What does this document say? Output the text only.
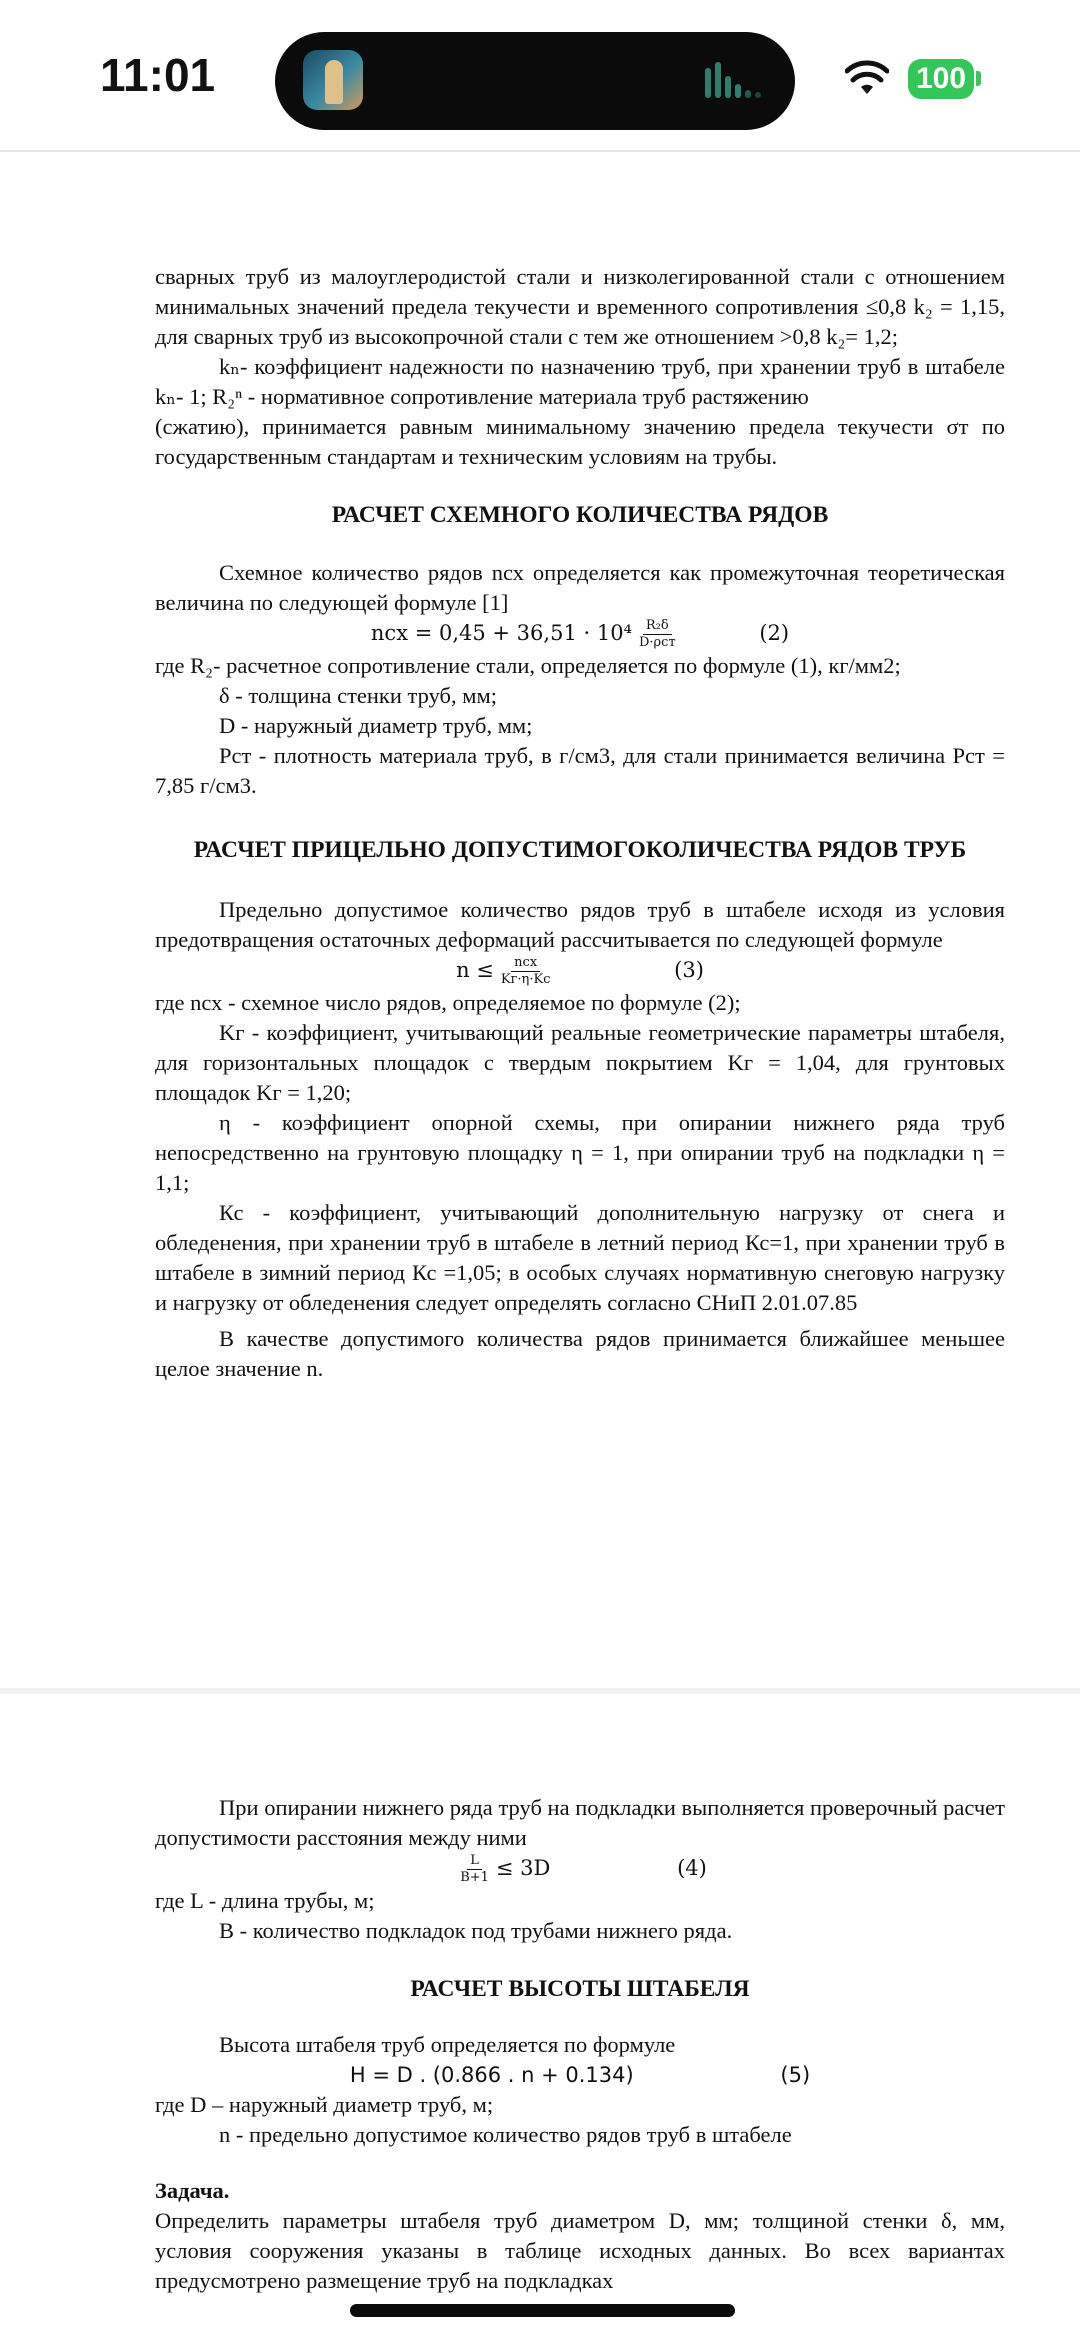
11:01	100

сварных труб из малоуглеродистой стали и низколегированной стали с отношением минимальных значений предела текучести и временного сопротивления ≤0,8 k₂ = 1,15, для сварных труб из высокопрочной стали с тем же отношением >0,8 k₂= 1,2;

kₙ- коэффициент надежности по назначению труб, при хранении труб в штабеле kₙ- 1; R₂ⁿ - нормативное сопротивление материала труб растяжению

(сжатию), принимается равным минимальному значению предела текучести σт по государственным стандартам и техническим условиям на трубы.

РАСЧЕТ СХЕМНОГО КОЛИЧЕСТВА РЯДОВ

Схемное количество рядов nсх определяется как промежуточная теоретическая величина по следующей формуле [1]

nсх = $0,45 + 36,51 \cdot 10^4 \frac{\text{R₂δ}}{\text{D·ρст}}$	(2)

где R₂- расчетное сопротивление стали, определяется по формуле (1), кг/мм2;

δ - толщина стенки труб, мм;

D - наружный диаметр труб, мм;

Рст - плотность материала труб, в г/см3, для стали принимается величина Рст = 7,85 г/см3.

РАСЧЕТ ПРИЦЕЛЬНО ДОПУСТИМОГОКОЛИЧЕСТВА РЯДОВ ТРУБ

Предельно допустимое количество рядов труб в штабеле исходя из условия предотвращения остаточных деформаций рассчитывается по следующей формуле

$n \le \frac{\text{nсх}}{Kг\cdot\eta\cdot Kс}$	(3)

где nсх - схемное число рядов, определяемое по формуле (2);

Kг - коэффициент, учитывающий реальные геометрические параметры штабеля, для горизонтальных площадок с твердым покрытием Kг = 1,04, для грунтовых площадок Kг = 1,20;

η - коэффициент опорной схемы, при опирании нижнего ряда труб непосредственно на грунтовую площадку η = 1, при опирании труб на подкладки η = 1,1;

Кс - коэффициент, учитывающий дополнительную нагрузку от снега и обледенения, при хранении труб в штабеле в летний период Кс=1, при хранении труб в штабеле в зимний период Кс =1,05; в особых случаях нормативную снеговую нагрузку и нагрузку от обледенения следует определять согласно СНиП 2.01.07.85

В качестве допустимого количества рядов принимается ближайшее меньшее целое значение n.

При опирании нижнего ряда труб на подкладки выполняется проверочный расчет допустимости расстояния между ними

$\frac{L}{B+1} \le 3D$	(4)

где L - длина трубы, м;

В - количество подкладок под трубами нижнего ряда.

РАСЧЕТ ВЫСОТЫ ШТАБЕЛЯ

Высота штабеля труб определяется по формуле

H = D . (0.866 . n + 0.134)	(5)

где D – наружный диаметр труб, м;

n - предельно допустимое количество рядов труб в штабеле

Задача.

Определить параметры штабеля труб диаметром D, мм; толщиной стенки δ, мм, условия сооружения указаны в таблице исходных данных. Во всех вариантах предусмотрено размещение труб на подкладках
